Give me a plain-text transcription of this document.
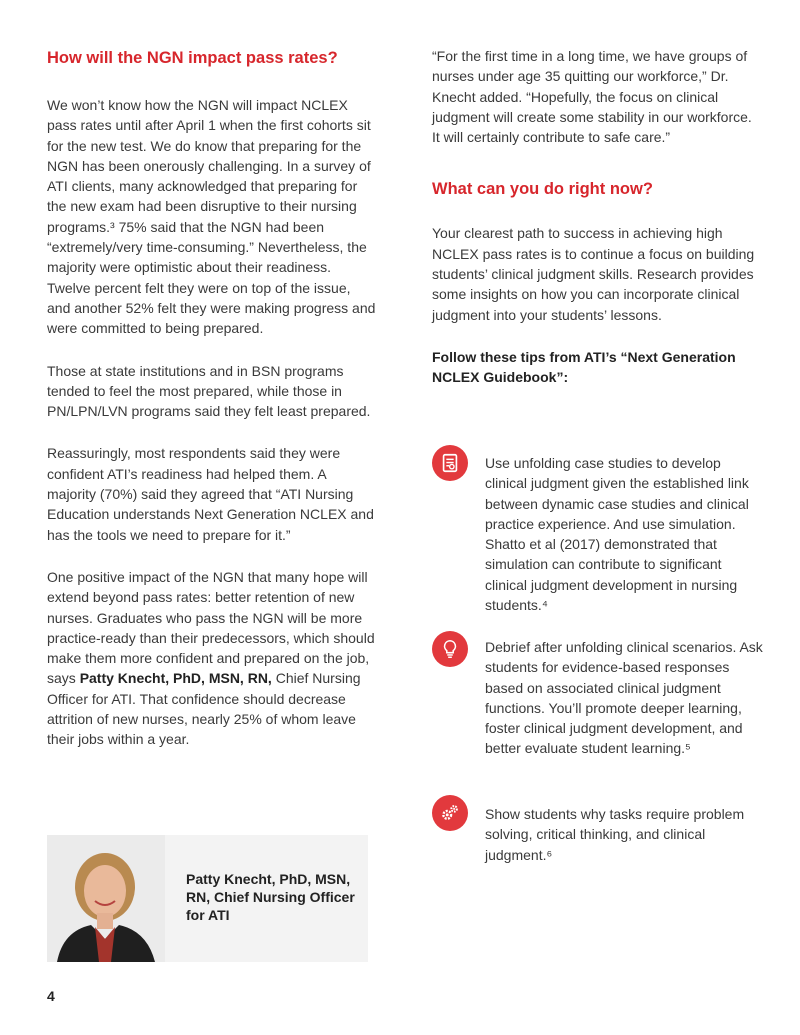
How will the NGN impact pass rates?

We won’t know how the NGN will impact NCLEX pass rates until after April 1 when the first cohorts sit for the new test. We do know that preparing for the NGN has been onerously challenging. In a survey of ATI clients, many acknowledged that preparing for the new exam had been disruptive to their nursing programs.³ 75% said that the NGN had been “extremely/very time-consuming.” Nevertheless, the majority were optimistic about their readiness. Twelve percent felt they were on top of the issue, and another 52% felt they were making progress and were committed to being prepared.

Those at state institutions and in BSN programs tended to feel the most prepared, while those in PN/LPN/LVN programs said they felt least prepared.

Reassuringly, most respondents said they were confident ATI’s readiness had helped them. A majority (70%) said they agreed that “ATI Nursing Education understands Next Generation NCLEX and has the tools we need to prepare for it.”

One positive impact of the NGN that many hope will extend beyond pass rates: better retention of new nurses. Graduates who pass the NGN will be more practice-ready than their predecessors, which should make them more confident and prepared on the job, says Patty Knecht, PhD, MSN, RN, Chief Nursing Officer for ATI. That confidence should decrease attrition of new nurses, nearly 25% of whom leave their jobs within a year.

Patty Knecht, PhD, MSN, RN, Chief Nursing Officer for ATI

“For the first time in a long time, we have groups of nurses under age 35 quitting our workforce,” Dr. Knecht added. “Hopefully, the focus on clinical judgment will create some stability in our workforce. It will certainly contribute to safe care.”

What can you do right now?

Your clearest path to success in achieving high NCLEX pass rates is to continue a focus on building students’ clinical judgment skills. Research provides some insights on how you can incorporate clinical judgment into your students’ lessons.

Follow these tips from ATI’s “Next Generation NCLEX Guidebook”:

Use unfolding case studies to develop clinical judgment given the established link between dynamic case studies and clinical practice experience. And use simulation. Shatto et al (2017) demonstrated that simulation can contribute to significant clinical judgment development in nursing students.⁴

Debrief after unfolding clinical scenarios. Ask students for evidence-based responses based on associated clinical judgment functions. You’ll promote deeper learning, foster clinical judgment development, and better evaluate student learning.⁵

Show students why tasks require problem solving, critical thinking, and clinical judgment.⁶

4
